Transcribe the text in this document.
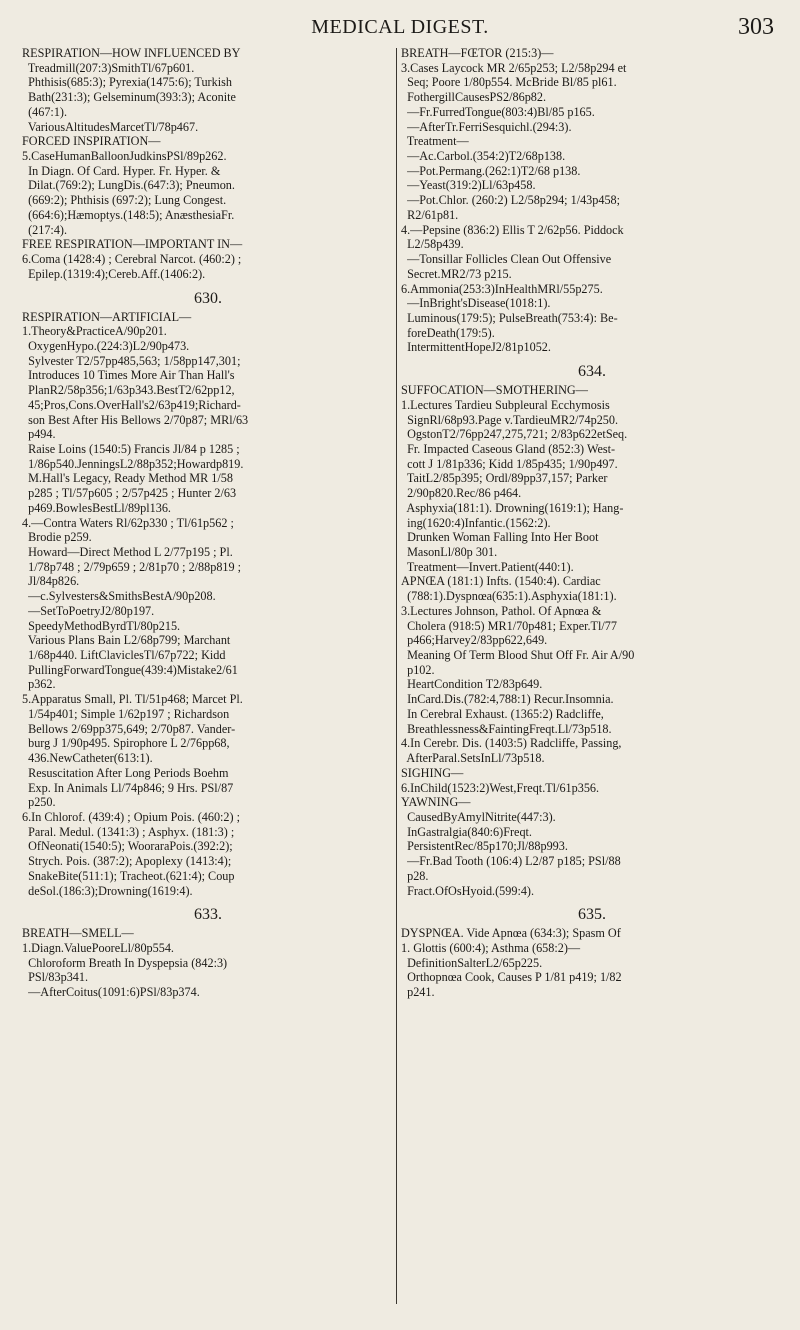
MEDICAL DIGEST.	303
RESPIRATION—HOW INFLUENCED BY
Treadmill(207:3)SmithTl/67p601.
Phthisis(685:3); Pyrexia(1475:6); Turkish
Bath(231:3); Gelseminum(393:3); Aconite
(467:1).
VariousAltitudesMarcetTl/78p467.
FORCED INSPIRATION—
5.CaseHumanBalloonJudkinsPSl/89p262.
In Diagn. Of Card. Hyper. Fr. Hyper. &
Dilat.(769:2); LungDis.(647:3); Pneumon.
(669:2); Phthisis (697:2); Lung Congest.
(664:6);Hæmoptys.(148:5); AnæsthesiaFr.
(217:4).
FREE RESPIRATION—IMPORTANT IN—
6.Coma (1428:4) ; Cerebral Narcot. (460:2) ;
Epilep.(1319:4);Cereb.Aff.(1406:2).
630.
RESPIRATION—ARTIFICIAL—
1.Theory&PracticeA/90p201.
OxygenHypo.(224:3)L2/90p473.
Sylvester T2/57pp485,563; 1/58pp147,301;
Introduces 10 Times More Air Than Hall's
PlanR2/58p356;1/63p343.BestT2/62pp12,
45;Pros,Cons.OverHall's2/63p419;Richard-
son Best After His Bellows 2/70p87; MRl/63
p494.
Raise Loins (1540:5) Francis Jl/84 p 1285 ;
1/86p540.JenningsL2/88p352;Howardp819.
M.Hall's Legacy, Ready Method MR 1/58
p285 ; Tl/57p605 ; 2/57p425 ; Hunter 2/63
p469.BowlesBestLl/89pl136.
4.—Contra Waters Rl/62p330 ; Tl/61p562 ;
Brodie p259.
Howard—Direct Method L 2/77p195 ; Pl.
1/78p748 ; 2/79p659 ; 2/81p70 ; 2/88p819 ;
Jl/84p826.
—c.Sylvesters&SmithsBestA/90p208.
—SetToPoetryJ2/80p197.
SpeedyMethodByrdTl/80p215.
Various Plans Bain L2/68p799; Marchant
1/68p440. LiftClaviclesTl/67p722; Kidd
PullingForwardTongue(439:4)Mistake2/61
p362.
5.Apparatus Small, Pl. Tl/51p468; Marcet Pl.
1/54p401; Simple 1/62p197 ; Richardson
Bellows 2/69pp375,649; 2/70p87. Vander-
burg J 1/90p495. Spirophore L 2/76pp68,
436.NewCatheter(613:1).
Resuscitation After Long Periods Boehm
Exp. In Animals Ll/74p846; 9 Hrs. PSl/87
p250.
6.In Chlorof. (439:4) ; Opium Pois. (460:2) ;
Paral. Medul. (1341:3) ; Asphyx. (181:3) ;
OfNeonati(1540:5); WooraraPois.(392:2);
Strych. Pois. (387:2); Apoplexy (1413:4);
SnakeBite(511:1); Tracheot.(621:4); Coup
deSol.(186:3);Drowning(1619:4).
633.
BREATH—SMELL—
1.Diagn.ValuePooreLl/80p554.
Chloroform Breath In Dyspepsia (842:3)
PSl/83p341.
—AfterCoitus(1091:6)PSl/83p374.
BREATH—FŒTOR (215:3)—
3.Cases Laycock MR 2/65p253; L2/58p294 et
Seq; Poore 1/80p554. McBride Bl/85 pl61.
FothergillCausesPS2/86p82.
—Fr.FurredTongue(803:4)Bl/85 p165.
—AfterTr.FerriSesquichl.(294:3).
Treatment—
—Ac.Carbol.(354:2)T2/68p138.
—Pot.Permang.(262:1)T2/68 p138.
—Yeast(319:2)Ll/63p458.
—Pot.Chlor. (260:2) L2/58p294; 1/43p458;
R2/61p81.
4.—Pepsine (836:2) Ellis T 2/62p56. Piddock
L2/58p439.
—Tonsillar Follicles Clean Out Offensive
Secret.MR2/73 p215.
6.Ammonia(253:3)InHealthMRl/55p275.
—InBright'sDisease(1018:1).
Luminous(179:5); PulseBreath(753:4): Be-
foreDeath(179:5).
IntermittentHopeJ2/81p1052.
634.
SUFFOCATION—SMOTHERING—
1.Lectures Tardieu Subpleural Ecchymosis
SignRl/68p93.Page v.TardieuMR2/74p250.
OgstonT2/76pp247,275,721; 2/83p622etSeq.
Fr. Impacted Caseous Gland (852:3) West-
cott J 1/81p336; Kidd 1/85p435; 1/90p497.
TaitL2/85p395; Ordl/89pp37,157; Parker
2/90p820.Rec/86 p464.
Asphyxia(181:1). Drowning(1619:1); Hang-
ing(1620:4)Infantic.(1562:2).
Drunken Woman Falling Into Her Boot
MasonLl/80p 301.
Treatment—Invert.Patient(440:1).
APNŒA (181:1) Infts. (1540:4). Cardiac
(788:1).Dyspnœa(635:1).Asphyxia(181:1).
3.Lectures Johnson, Pathol. Of Apnœa &
Cholera (918:5) MR1/70p481; Exper.Tl/77
p466;Harvey2/83pp622,649.
Meaning Of Term Blood Shut Off Fr. Air A/90
p102.
HeartCondition T2/83p649.
InCard.Dis.(782:4,788:1) Recur.Insomnia.
In Cerebral Exhaust. (1365:2) Radcliffe,
Breathlessness&FaintingFreqt.Ll/73p518.
4.In Cerebr. Dis. (1403:5) Radcliffe, Passing,
AfterParal.SetsInLl/73p518.
SIGHING—
6.InChild(1523:2)West,Freqt.Tl/61p356.
YAWNING—
CausedByAmylNitrite(447:3).
InGastralgia(840:6)Freqt.
PersistentRec/85p170;Jl/88p993.
—Fr.Bad Tooth (106:4) L2/87 p185; PSl/88
p28.
Fract.OfOsHyoid.(599:4).
635.
DYSPNŒA. Vide Apnœa (634:3); Spasm Of
1. Glottis (600:4); Asthma (658:2)—
DefinitionSalterL2/65p225.
Orthopnœa Cook, Causes P 1/81 p419; 1/82
p241.
